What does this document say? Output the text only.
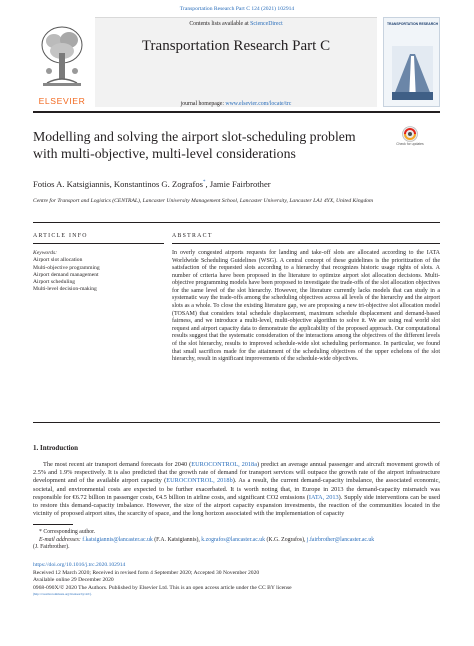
Transportation Research Part C 124 (2021) 102914
ELSEVIER
Contents lists available at ScienceDirect
Transportation Research Part C
journal homepage: www.elsevier.com/locate/trc
TRANSPORTATION RESEARCH
Modelling and solving the airport slot-scheduling problem with multi-objective, multi-level considerations
Check for updates
Fotios A. Katsigiannis, Konstantinos G. Zografos*, Jamie Fairbrother
Centre for Transport and Logistics (CENTRAL), Lancaster University Management School, Lancaster University, Lancaster LA1 4YX, United Kingdom
ARTICLE INFO	ABSTRACT
Keywords:
Airport slot allocation
Multi-objective programming
Airport demand management
Airport scheduling
Multi-level decision-making
In overly congested airports requests for landing and take-off slots are allocated according to the IATA Worldwide Scheduling Guidelines (WSG). A central concept of these guidelines is the prioritization of the satisfaction of the requested slots according to a hierarchy that recognizes historic usage rights of slots. A number of criteria have been proposed in the literature to optimize airport slot allocation decisions. Multi-objective programming models have been proposed to investigate the trade-offs of the slot allocation objectives for the same level of the slot hierarchy. However, the literature currently lacks models that can study in a systematic way the trade-offs among the scheduling objectives across all levels of the hierarchy and the airport slots as a whole. To close the existing literature gap, we are proposing a new tri-objective slot allocation model (TOSAM) that considers total schedule displacement, maximum schedule displacement and demand-based fairness, and we introduce a multi-level, multi-objective algorithm to solve it. We are using real world slot request and airport capacity data to demonstrate the applicability of the proposed approach. Our computational results suggest that the systematic consideration of the interactions among the objectives of the different levels of the slot hierarchy, results to improved schedule-wide slot scheduling performance. In particular, we found that small sacrifices made for the attainment of the scheduling objectives of the upper echelons of the slot hierarchy, result in significant improvements of the schedule-wide objectives.
1. Introduction
The most recent air transport demand forecasts for 2040 (EUROCONTROL, 2018a) predict an average annual passenger and aircraft movement growth of 2.5% and 1.9% respectively. It is also predicted that the growth rate of demand for transport services will outpace the growth rate of the airport infrastructure development and of the available airport capacity (EUROCONTROL, 2018b). As a result, the current demand-capacity imbalance, the associated economic, societal, and environmental costs are expected to be further exacerbated. It is worth noting that, in Europe in 2013 the demand-capacity mismatch was responsible for €6.72 billion in passenger costs, €4.5 billion in airline costs, and significant CO2 emissions (IATA, 2013). Supply side interventions can be used to restore this demand-capacity imbalance. However, the size of the airport capacity expansion investments, the reaction of the communities located in the vicinity of proposed airport sites, the scarcity of space, and the long horizon associated with the implementation of capacity
* Corresponding author.
E-mail addresses: f.katsigiannis@lancaster.ac.uk (F.A. Katsigiannis), k.zografos@lancaster.ac.uk (K.G. Zografos), j.fairbrother@lancaster.ac.uk
(J. Fairbrother).
https://doi.org/10.1016/j.trc.2020.102914
Received 12 March 2020; Received in revised form 4 September 2020; Accepted 30 November 2020
Available online 29 December 2020
0968-090X/© 2020 The Authors. Published by Elsevier Ltd. This is an open access article under the CC BY license
(http://creativecommons.org/licenses/by/4.0/).
